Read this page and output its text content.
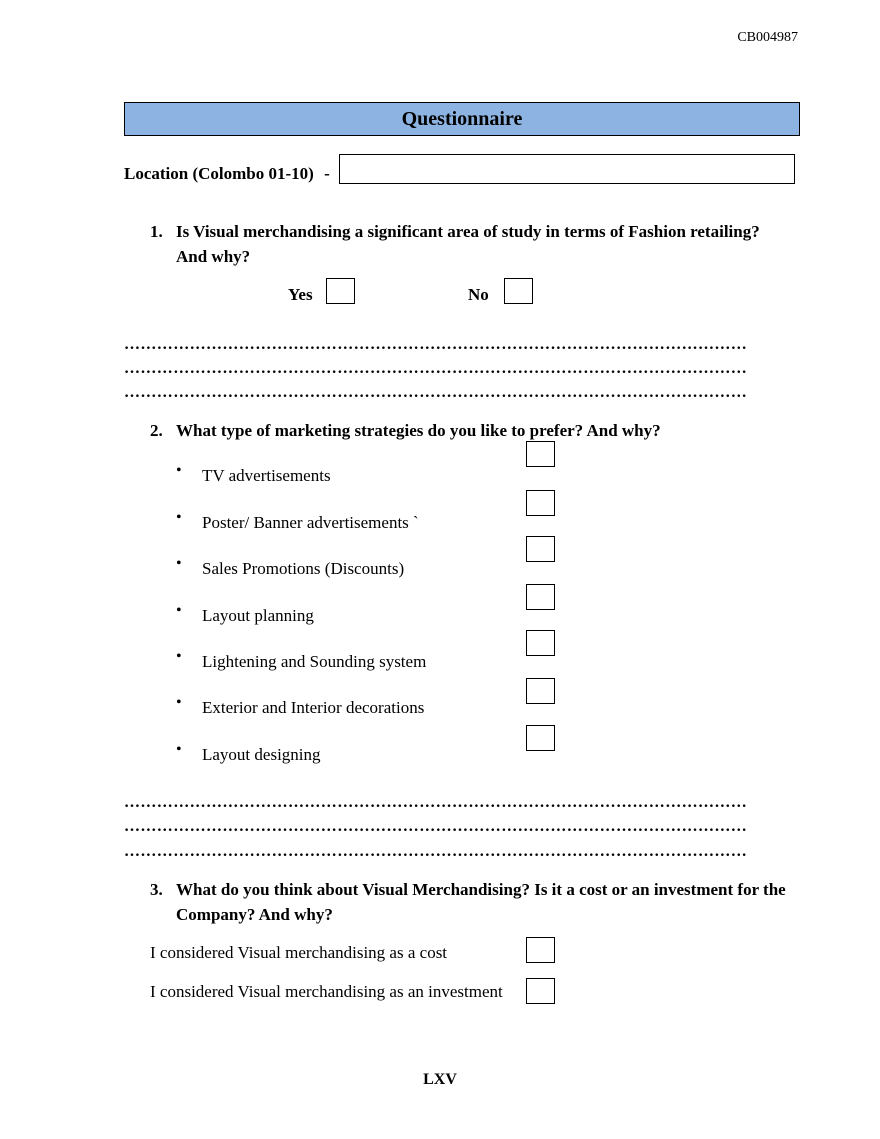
CB004987
Questionnaire
Location (Colombo 01-10) -
1. Is Visual merchandising a significant area of study in terms of Fashion retailing?
And why?
Yes	No
……………………………………………………………………………………………………
……………………………………………………………………………………………………
……………………………………………………………………………………………………
2. What type of marketing strategies do you like to prefer? And why?
• TV advertisements
• Poster/ Banner advertisements `
• Sales Promotions (Discounts)
• Layout planning
• Lightening and Sounding system
• Exterior and Interior decorations
• Layout designing
……………………………………………………………………………………………………
……………………………………………………………………………………………………
……………………………………………………………………………………………………
3. What do you think about Visual Merchandising? Is it a cost or an investment for the
Company? And why?
I considered Visual merchandising as a cost
I considered Visual merchandising as an investment
LXV
